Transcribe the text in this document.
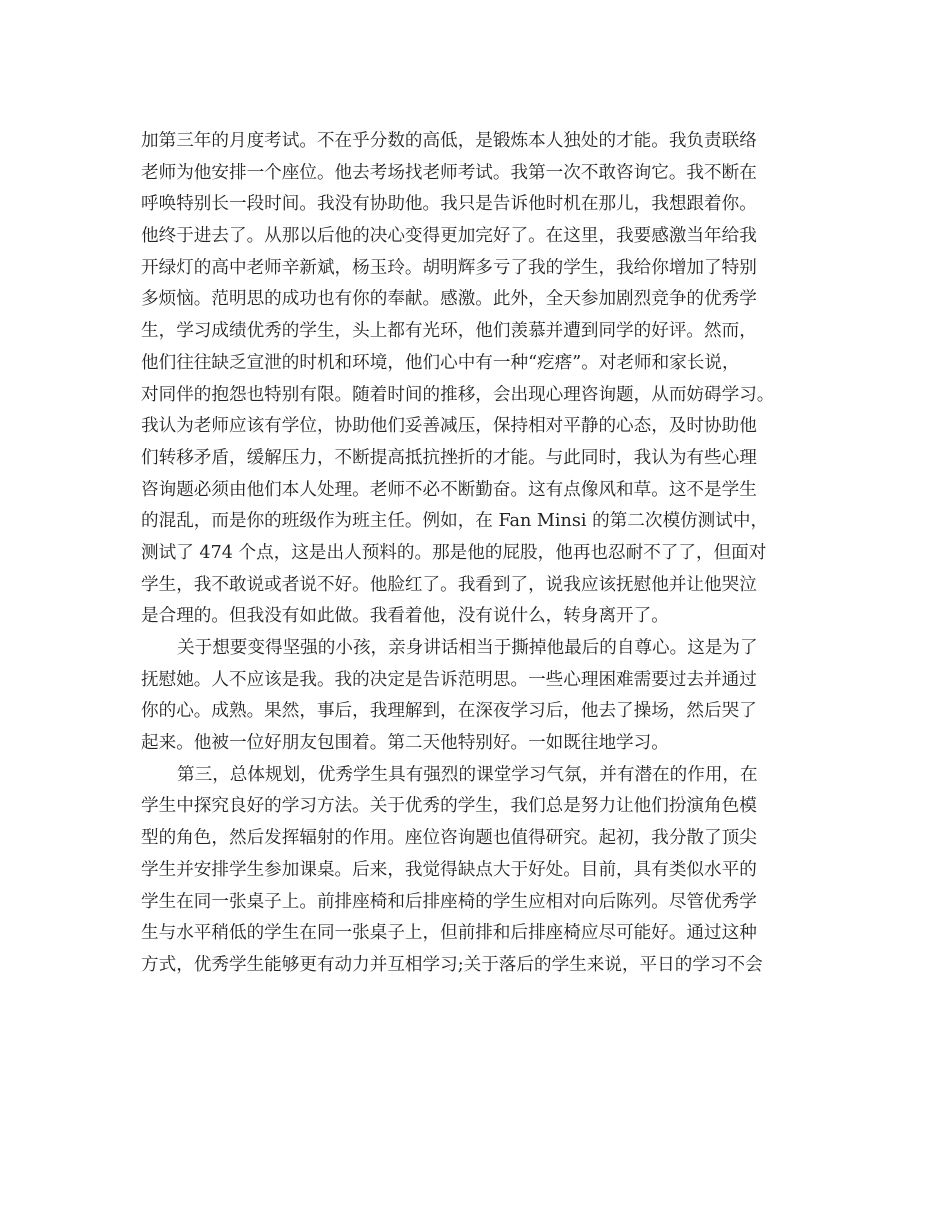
加第三年的月度考试。不在乎分数的高低，是锻炼本人独处的才能。我负责联络
老师为他安排一个座位。他去考场找老师考试。我第一次不敢咨询它。我不断在
呼唤特别长一段时间。我没有协助他。我只是告诉他时机在那儿，我想跟着你。
他终于进去了。从那以后他的决心变得更加完好了。在这里，我要感激当年给我
开绿灯的高中老师辛新斌，杨玉玲。胡明辉多亏了我的学生，我给你增加了特别
多烦恼。范明思的成功也有你的奉献。感激。此外，全天参加剧烈竞争的优秀学
生，学习成绩优秀的学生，头上都有光环，他们羡慕并遭到同学的好评。然而，
他们往往缺乏宣泄的时机和环境，他们心中有一种“疙瘩”。对老师和家长说，
对同伴的抱怨也特别有限。随着时间的推移，会出现心理咨询题，从而妨碍学习。
我认为老师应该有学位，协助他们妥善减压，保持相对平静的心态，及时协助他
们转移矛盾，缓解压力，不断提高抵抗挫折的才能。与此同时，我认为有些心理
咨询题必须由他们本人处理。老师不必不断勤奋。这有点像风和草。这不是学生
的混乱，而是你的班级作为班主任。例如，在 Fan Minsi 的第二次模仿测试中，
测试了 474 个点，这是出人预料的。那是他的屁股，他再也忍耐不了了，但面对
学生，我不敢说或者说不好。他脸红了。我看到了，说我应该抚慰他并让他哭泣
是合理的。但我没有如此做。我看着他，没有说什么，转身离开了。
关于想要变得坚强的小孩，亲身讲话相当于撕掉他最后的自尊心。这是为了
抚慰她。人不应该是我。我的决定是告诉范明思。一些心理困难需要过去并通过
你的心。成熟。果然，事后，我理解到，在深夜学习后，他去了操场，然后哭了
起来。他被一位好朋友包围着。第二天他特别好。一如既往地学习。
第三，总体规划，优秀学生具有强烈的课堂学习气氛，并有潜在的作用，在
学生中探究良好的学习方法。关于优秀的学生，我们总是努力让他们扮演角色模
型的角色，然后发挥辐射的作用。座位咨询题也值得研究。起初，我分散了顶尖
学生并安排学生参加课桌。后来，我觉得缺点大于好处。目前，具有类似水平的
学生在同一张桌子上。前排座椅和后排座椅的学生应相对向后陈列。尽管优秀学
生与水平稍低的学生在同一张桌子上，但前排和后排座椅应尽可能好。通过这种
方式，优秀学生能够更有动力并互相学习;关于落后的学生来说，平日的学习不会
